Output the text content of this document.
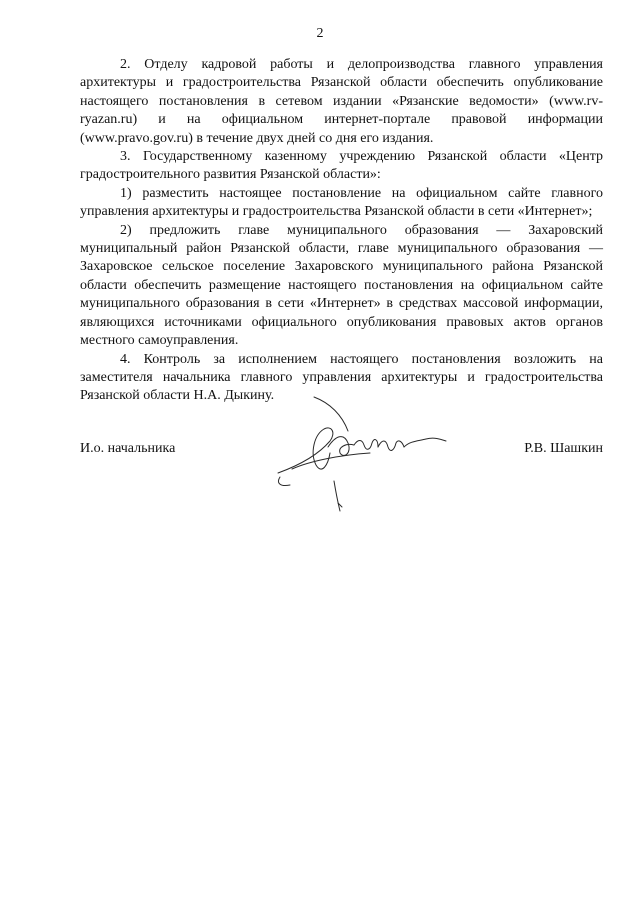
2

2. Отделу кадровой работы и делопроизводства главного управления архитектуры и градостроительства Рязанской области обеспечить опубликование настоящего постановления в сетевом издании «Рязанские ведомости» (www.rv-ryazan.ru) и на официальном интернет-портале правовой информации (www.pravo.gov.ru) в течение двух дней со дня его издания.

3. Государственному казенному учреждению Рязанской области «Центр градостроительного развития Рязанской области»:

1) разместить настоящее постановление на официальном сайте главного управления архитектуры и градостроительства Рязанской области в сети «Интернет»;

2) предложить главе муниципального образования — Захаровский муниципальный район Рязанской области, главе муниципального образования — Захаровское сельское поселение Захаровского муниципального района Рязанской области обеспечить размещение настоящего постановления на официальном сайте муниципального образования в сети «Интернет» в средствах массовой информации, являющихся источниками официального опубликования правовых актов органов местного самоуправления.

4. Контроль за исполнением настоящего постановления возложить на заместителя начальника главного управления архитектуры и градостроительства Рязанской области Н.А. Дыкину.

И.о. начальника	Р.В. Шашкин
